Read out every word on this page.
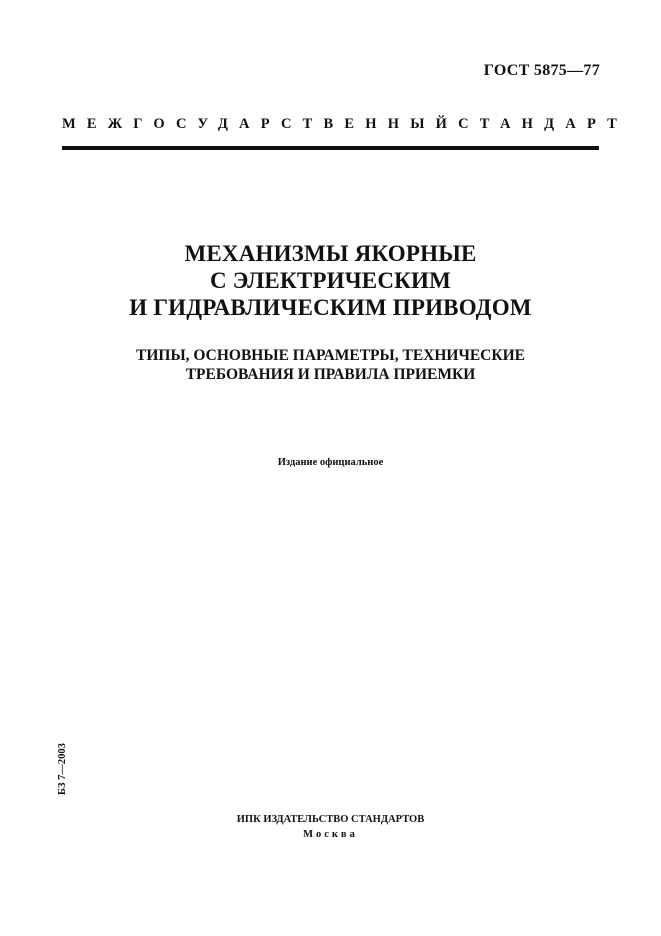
ГОСТ 5875—77
МЕЖГОСУДАРСТВЕННЫЙ СТАНДАРТ
МЕХАНИЗМЫ ЯКОРНЫЕ
С ЭЛЕКТРИЧЕСКИМ
И ГИДРАВЛИЧЕСКИМ ПРИВОДОМ
ТИПЫ, ОСНОВНЫЕ ПАРАМЕТРЫ, ТЕХНИЧЕСКИЕ
ТРЕБОВАНИЯ И ПРАВИЛА ПРИЕМКИ
Издание официальное
БЗ 7—2003
ИПК ИЗДАТЕЛЬСТВО СТАНДАРТОВ
Москва
